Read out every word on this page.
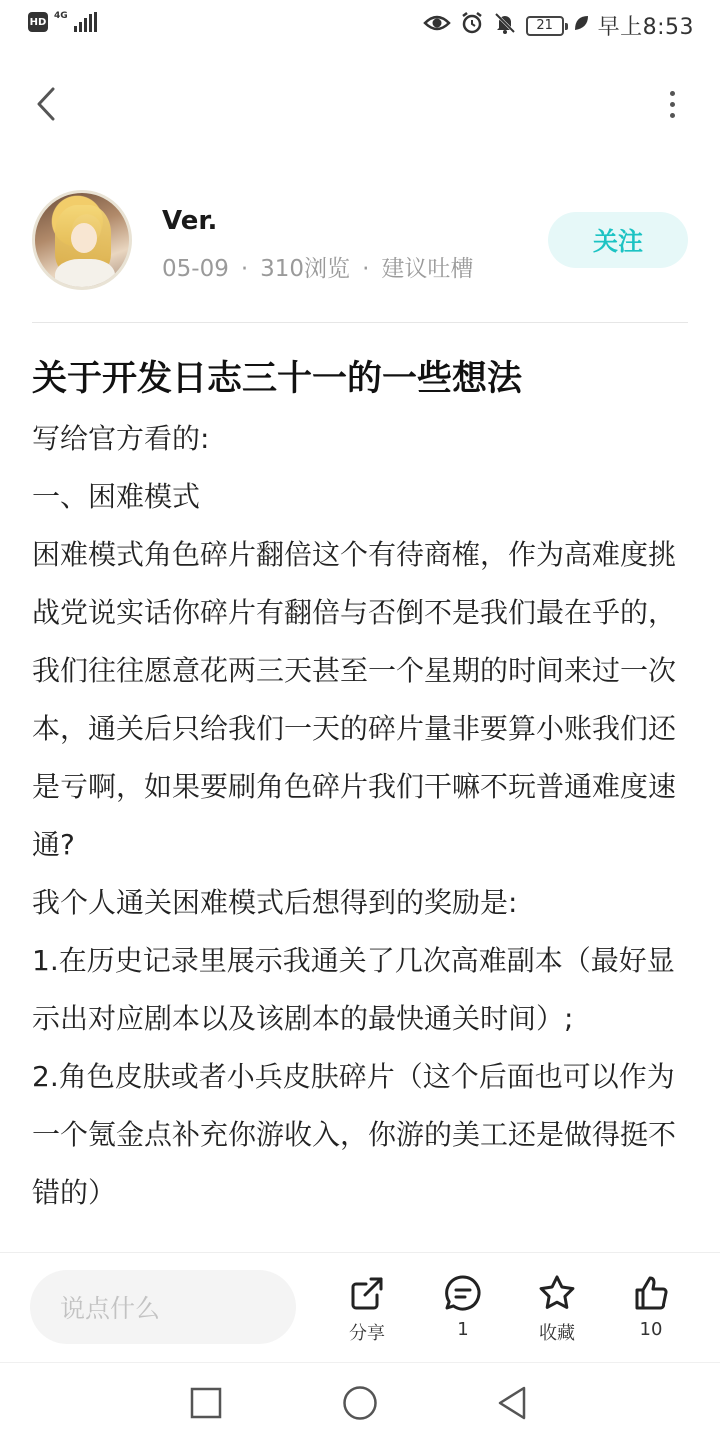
HD
4G
21	早上8:53
Ver.
05-09 · 310浏览 · 建议吐槽
关注
关于开发日志三十一的一些想法

写给官方看的:

一、困难模式

困难模式角色碎片翻倍这个有待商榷，作为高难度挑战党说实话你碎片有翻倍与否倒不是我们最在乎的，我们往往愿意花两三天甚至一个星期的时间来过一次本，通关后只给我们一天的碎片量非要算小账我们还是亏啊，如果要刷角色碎片我们干嘛不玩普通难度速通?

我个人通关困难模式后想得到的奖励是:

1.在历史记录里展示我通关了几次高难副本（最好显示出对应剧本以及该剧本的最快通关时间）;

2.角色皮肤或者小兵皮肤碎片（这个后面也可以作为一个氪金点补充你游收入，你游的美工还是做得挺不错的）

说点什么
分享	1	收藏	10
